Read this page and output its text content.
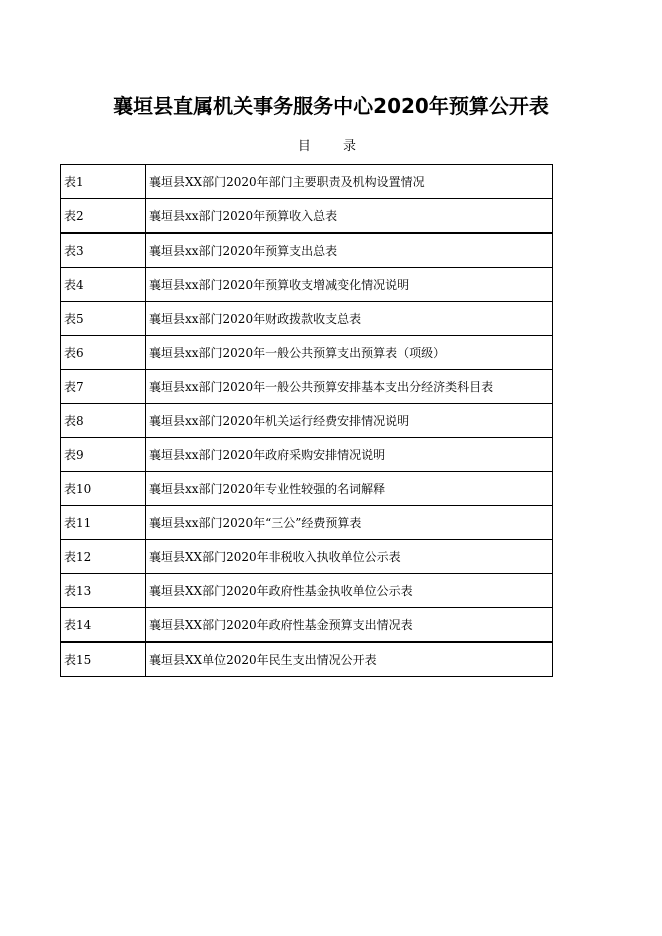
襄垣县直属机关事务服务中心2020年预算公开表
目 录
表1	襄垣县XX部门2020年部门主要职责及机构设置情况
表2	襄垣县xx部门2020年预算收入总表
表3	襄垣县xx部门2020年预算支出总表
表4	襄垣县xx部门2020年预算收支增减变化情况说明
表5	襄垣县xx部门2020年财政拨款收支总表
表6	襄垣县xx部门2020年一般公共预算支出预算表（项级）
表7	襄垣县xx部门2020年一般公共预算安排基本支出分经济类科目表
表8	襄垣县xx部门2020年机关运行经费安排情况说明
表9	襄垣县xx部门2020年政府采购安排情况说明
表10	襄垣县xx部门2020年专业性较强的名词解释
表11	襄垣县xx部门2020年“三公”经费预算表
表12	襄垣县XX部门2020年非税收入执收单位公示表
表13	襄垣县XX部门2020年政府性基金执收单位公示表
表14	襄垣县XX部门2020年政府性基金预算支出情况表
表15	襄垣县XX单位2020年民生支出情况公开表
